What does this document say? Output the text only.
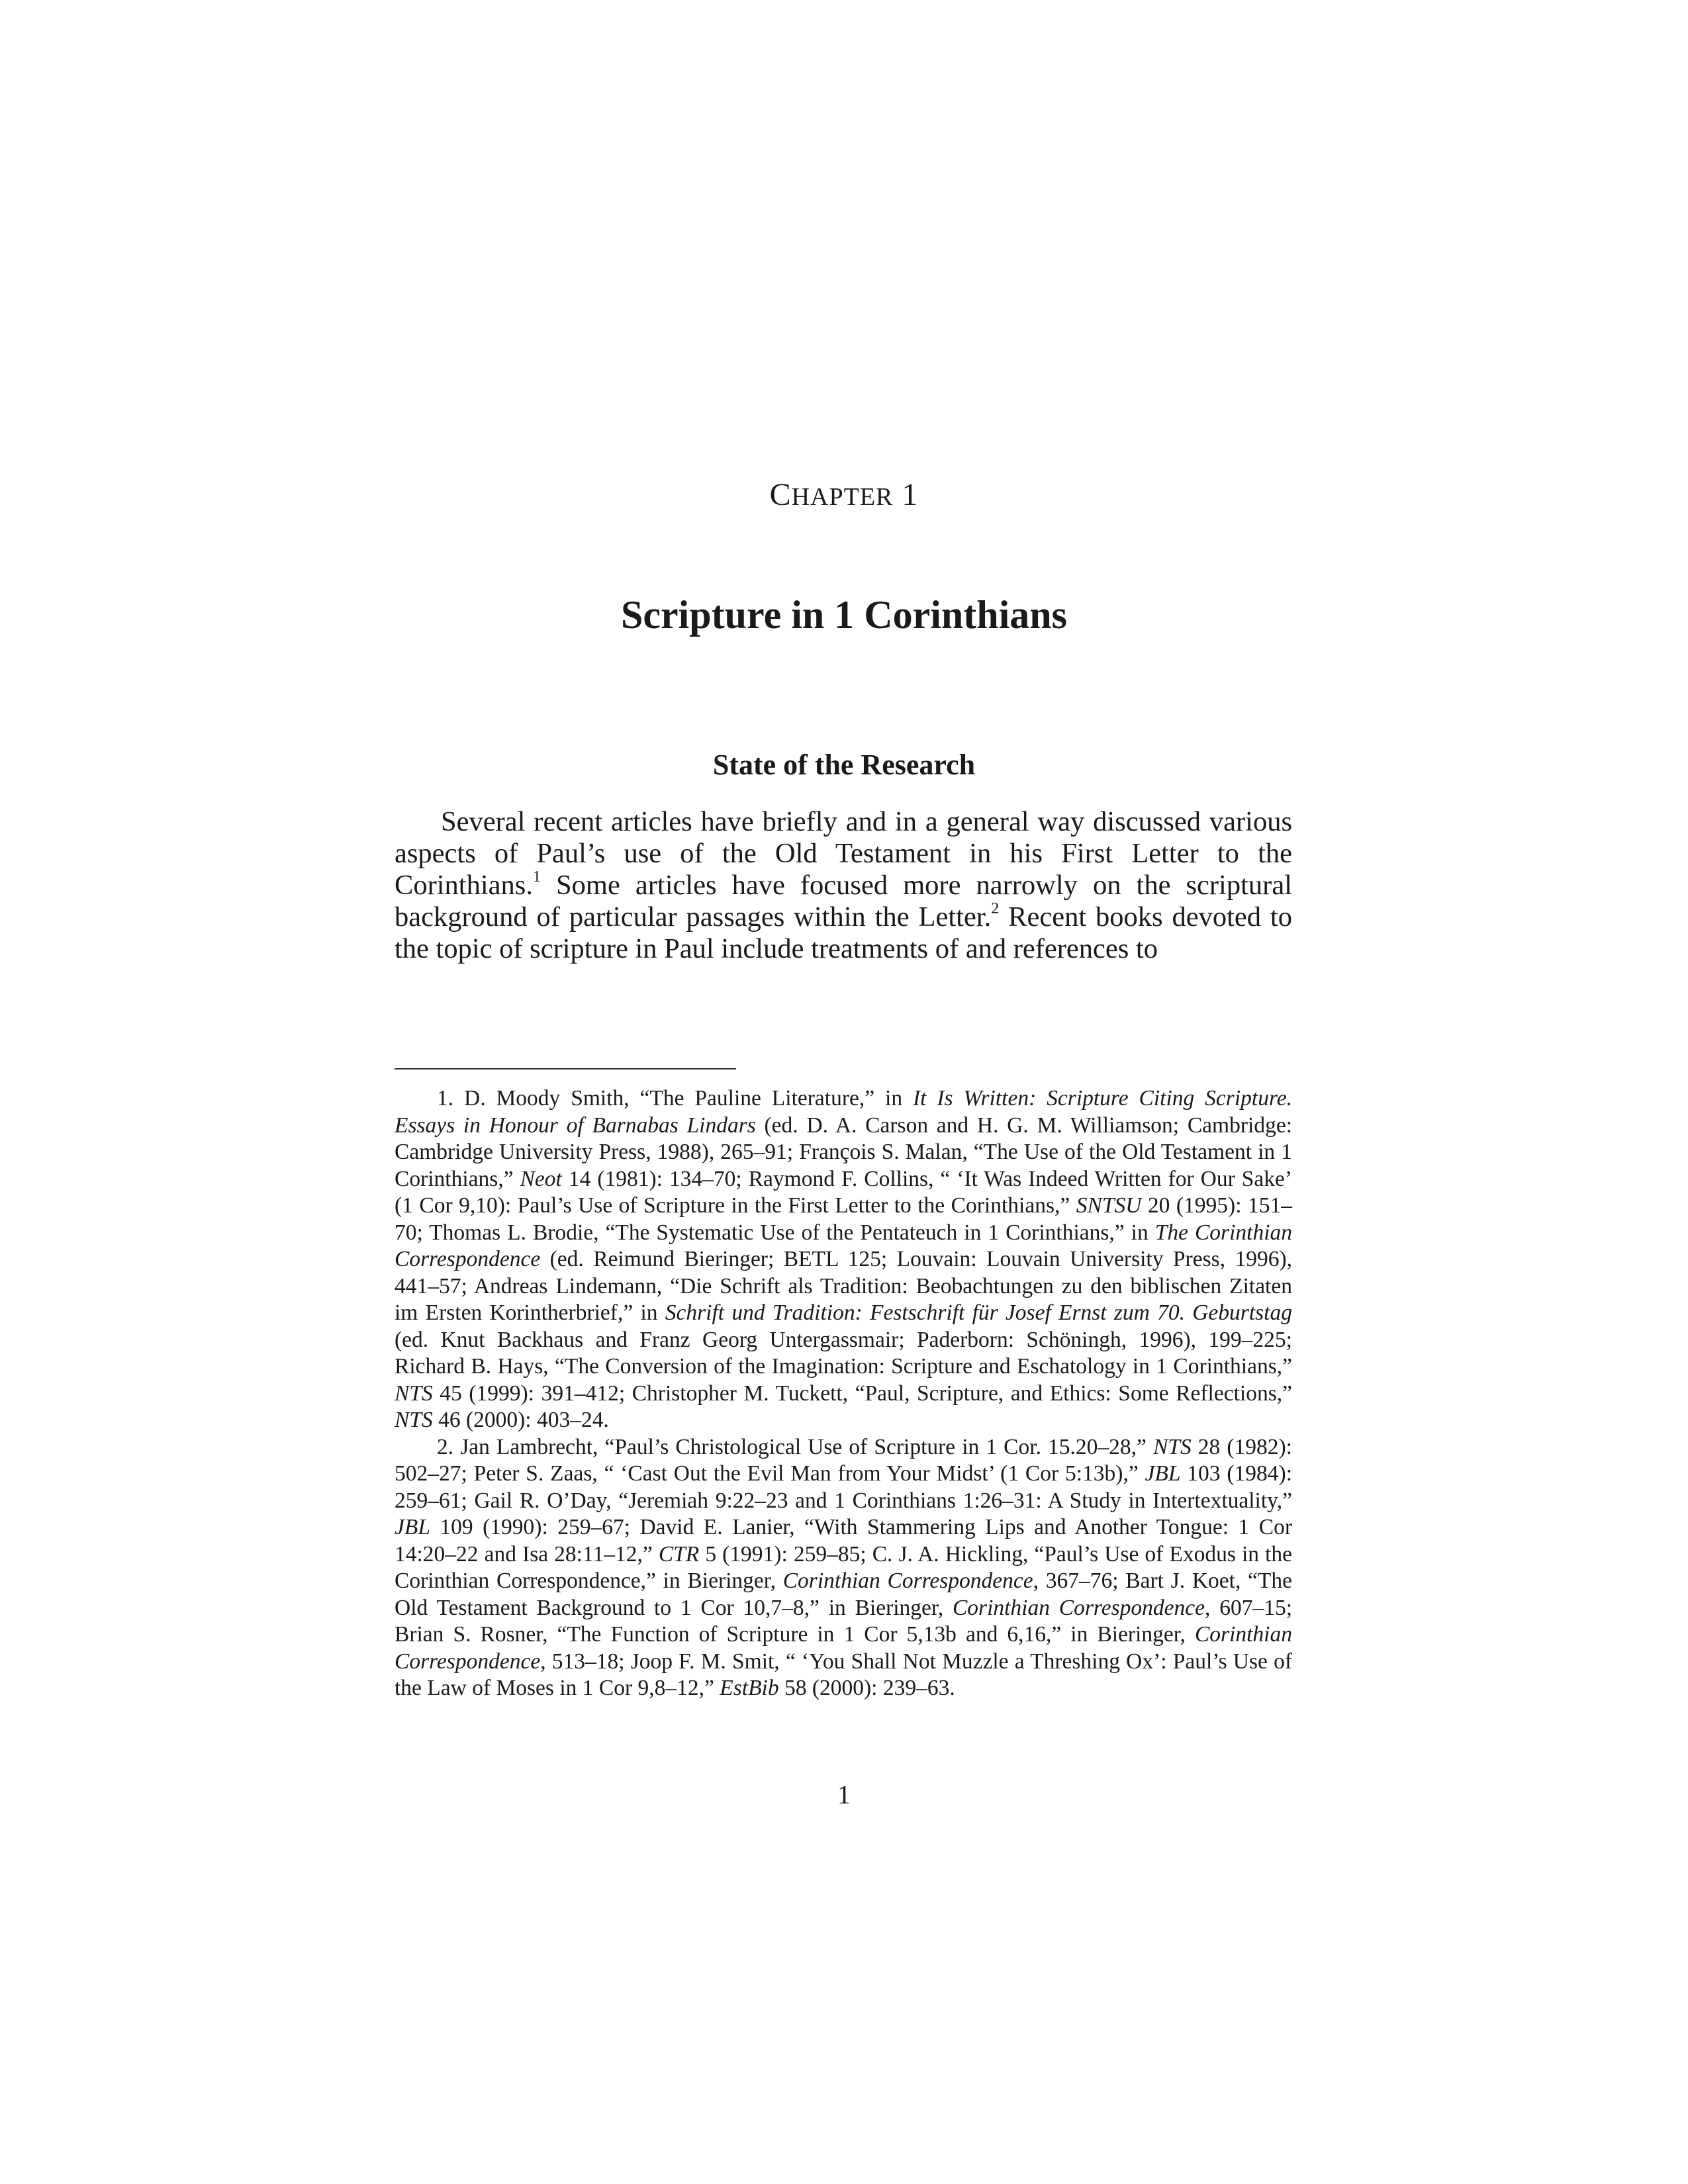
CHAPTER 1
Scripture in 1 Corinthians
State of the Research

Several recent articles have briefly and in a general way discussed various aspects of Paul’s use of the Old Testament in his First Letter to the Corinthians.$^1$ Some articles have focused more narrowly on the scriptural background of particular passages within the Letter.$^2$ Recent books devoted to the topic of scripture in Paul include treatments of and references to

1. D. Moody Smith, “The Pauline Literature,” in It Is Written: Scripture Citing Scripture. Essays in Honour of Barnabas Lindars (ed. D. A. Carson and H. G. M. Williamson; Cambridge: Cambridge University Press, 1988), 265–91; François S. Malan, “The Use of the Old Testament in 1 Corinthians,” Neot 14 (1981): 134–70; Raymond F. Collins, “ ‘It Was Indeed Written for Our Sake’ (1 Cor 9,10): Paul’s Use of Scripture in the First Letter to the Corinthians,” SNTSU 20 (1995): 151–70; Thomas L. Brodie, “The Systematic Use of the Pentateuch in 1 Corinthians,” in The Corinthian Correspondence (ed. Reimund Bieringer; BETL 125; Louvain: Louvain University Press, 1996), 441–57; Andreas Lindemann, “Die Schrift als Tradition: Beobachtungen zu den biblischen Zitaten im Ersten Korintherbrief,” in Schrift und Tradition: Festschrift für Josef Ernst zum 70. Geburtstag (ed. Knut Backhaus and Franz Georg Untergassmair; Paderborn: Schöningh, 1996), 199–225; Richard B. Hays, “The Conversion of the Imagination: Scripture and Eschatology in 1 Corinthians,” NTS 45 (1999): 391–412; Christopher M. Tuckett, “Paul, Scripture, and Ethics: Some Reflections,” NTS 46 (2000): 403–24.

2. Jan Lambrecht, “Paul’s Christological Use of Scripture in 1 Cor. 15.20–28,” NTS 28 (1982): 502–27; Peter S. Zaas, “ ‘Cast Out the Evil Man from Your Midst’ (1 Cor 5:13b),” JBL 103 (1984): 259–61; Gail R. O’Day, “Jeremiah 9:22–23 and 1 Corinthians 1:26–31: A Study in Intertextuality,” JBL 109 (1990): 259–67; David E. Lanier, “With Stammering Lips and Another Tongue: 1 Cor 14:20–22 and Isa 28:11–12,” CTR 5 (1991): 259–85; C. J. A. Hickling, “Paul’s Use of Exodus in the Corinthian Correspondence,” in Bieringer, Corinthian Correspondence, 367–76; Bart J. Koet, “The Old Testament Background to 1 Cor 10,7–8,” in Bieringer, Corinthian Correspondence, 607–15; Brian S. Rosner, “The Function of Scripture in 1 Cor 5,13b and 6,16,” in Bieringer, Corinthian Correspondence, 513–18; Joop F. M. Smit, “ ‘You Shall Not Muzzle a Threshing Ox’: Paul’s Use of the Law of Moses in 1 Cor 9,8–12,” EstBib 58 (2000): 239–63.

1
